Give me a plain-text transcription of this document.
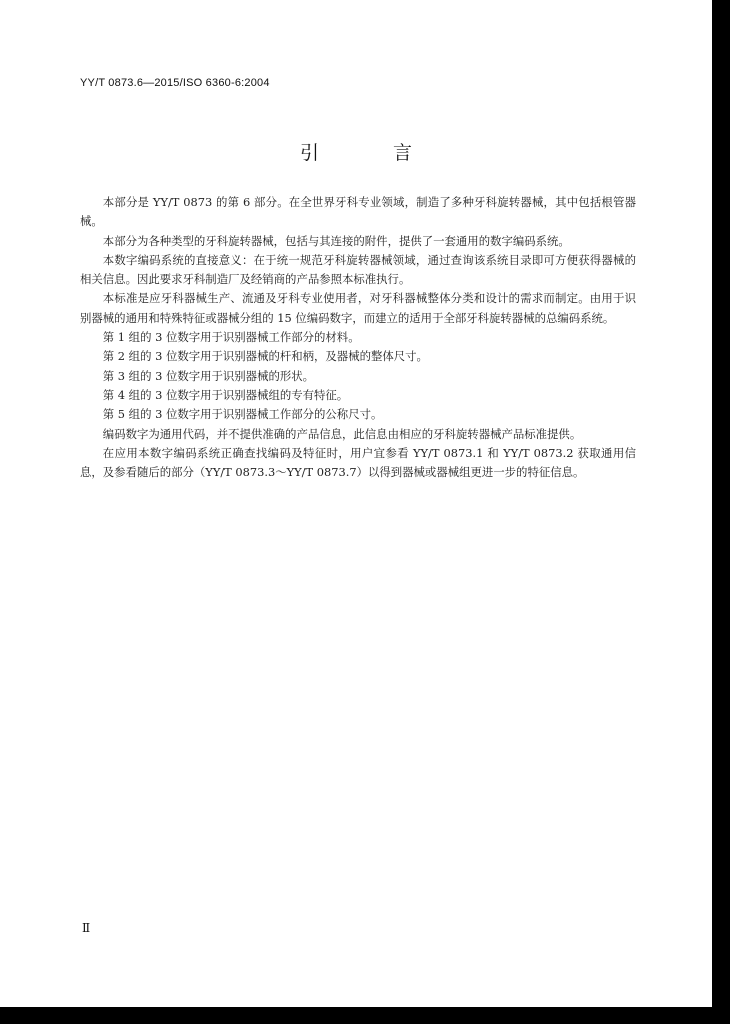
YY/T 0873.6—2015/ISO 6360-6:2004
引 言

本部分是 YY/T 0873 的第 6 部分。在全世界牙科专业领域，制造了多种牙科旋转器械，其中包括根管器械。

本部分为各种类型的牙科旋转器械，包括与其连接的附件，提供了一套通用的数字编码系统。

本数字编码系统的直接意义：在于统一规范牙科旋转器械领域，通过查询该系统目录即可方便获得器械的相关信息。因此要求牙科制造厂及经销商的产品参照本标准执行。

本标准是应牙科器械生产、流通及牙科专业使用者，对牙科器械整体分类和设计的需求而制定。由用于识别器械的通用和特殊特征或器械分组的 15 位编码数字，而建立的适用于全部牙科旋转器械的总编码系统。

第 1 组的 3 位数字用于识别器械工作部分的材料。

第 2 组的 3 位数字用于识别器械的杆和柄，及器械的整体尺寸。

第 3 组的 3 位数字用于识别器械的形状。

第 4 组的 3 位数字用于识别器械组的专有特征。

第 5 组的 3 位数字用于识别器械工作部分的公称尺寸。

编码数字为通用代码，并不提供准确的产品信息，此信息由相应的牙科旋转器械产品标准提供。

在应用本数字编码系统正确查找编码及特征时，用户宜参看 YY/T 0873.1 和 YY/T 0873.2 获取通用信息，及参看随后的部分（YY/T 0873.3～YY/T 0873.7）以得到器械或器械组更进一步的特征信息。

Ⅱ
